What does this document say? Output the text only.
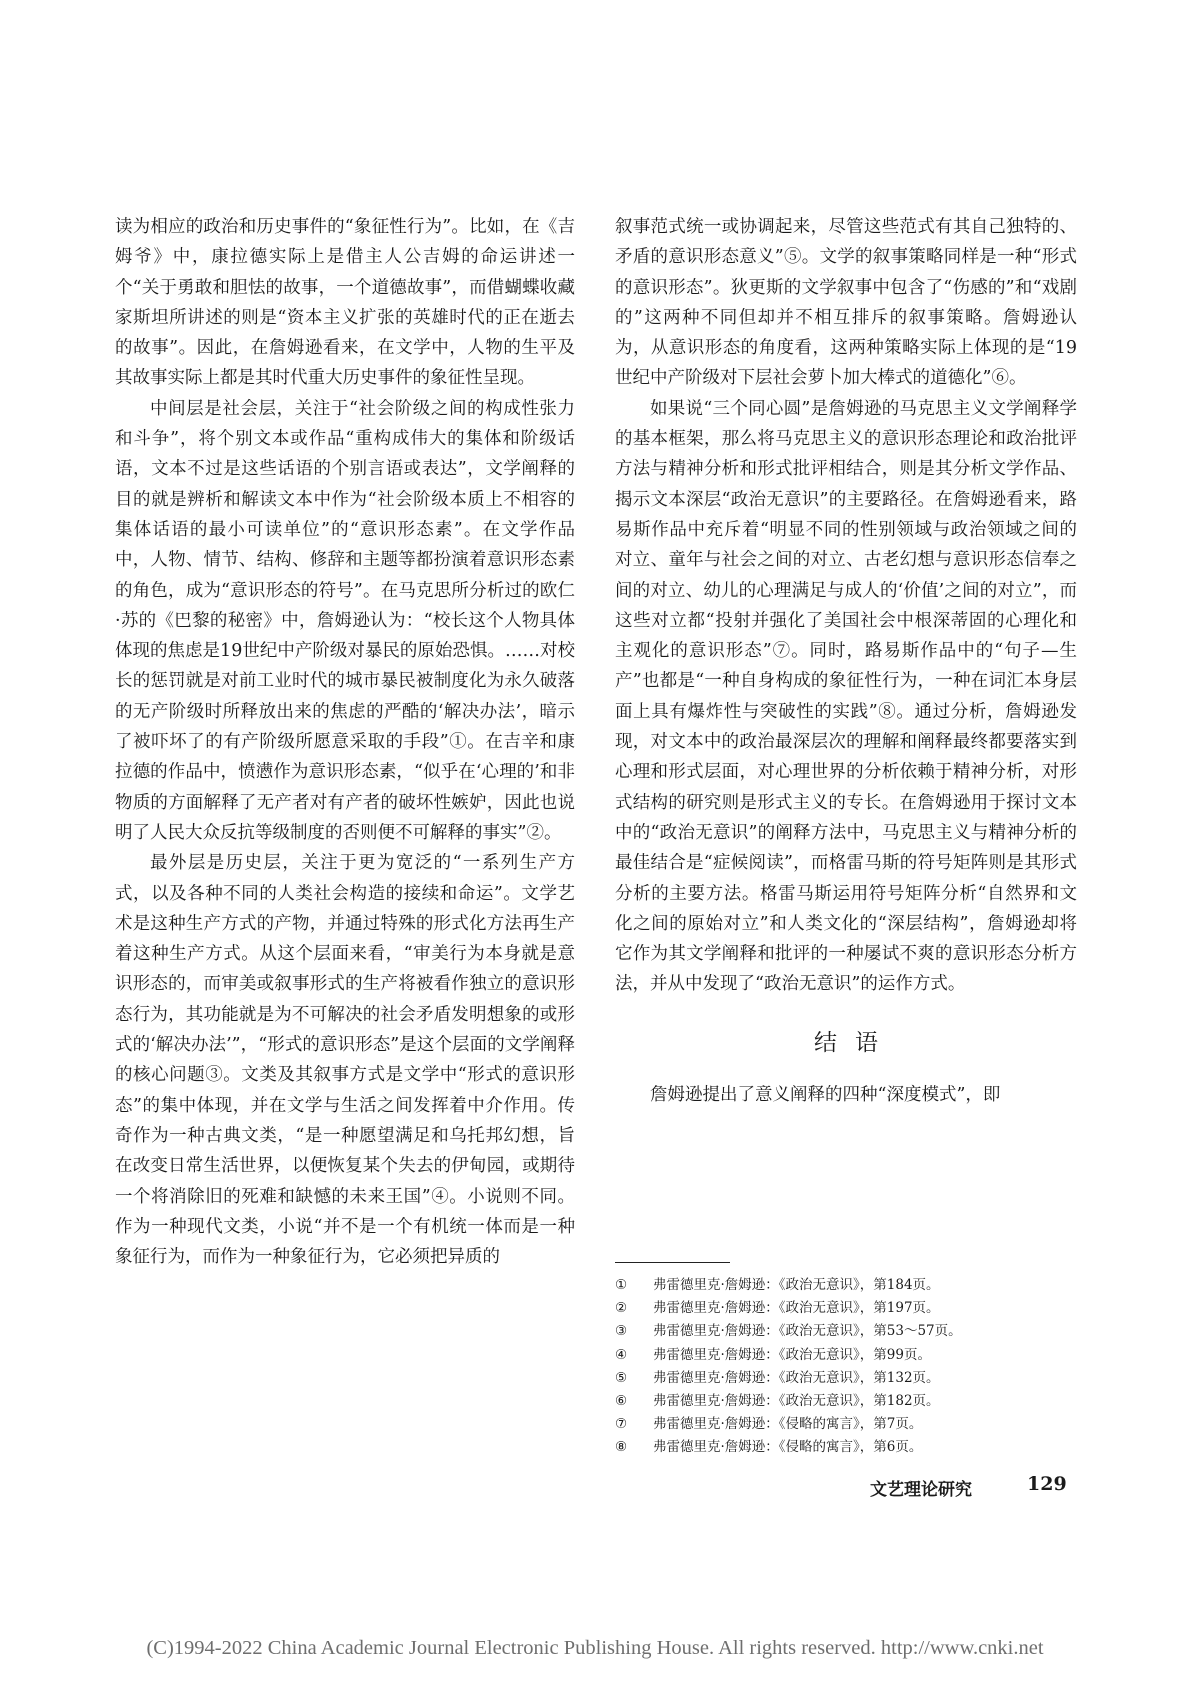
读为相应的政治和历史事件的“象征性行为”。比如，在《吉姆爷》中，康拉德实际上是借主人公吉姆的命运讲述一个“关于勇敢和胆怯的故事，一个道德故事”，而借蝴蝶收藏家斯坦所讲述的则是“资本主义扩张的英雄时代的正在逝去的故事”。因此，在詹姆逊看来，在文学中，人物的生平及其故事实际上都是其时代重大历史事件的象征性呈现。

中间层是社会层，关注于“社会阶级之间的构成性张力和斗争”，将个别文本或作品“重构成伟大的集体和阶级话语，文本不过是这些话语的个别言语或表达”，文学阐释的目的就是辨析和解读文本中作为“社会阶级本质上不相容的集体话语的最小可读单位”的“意识形态素”。在文学作品中，人物、情节、结构、修辞和主题等都扮演着意识形态素的角色，成为“意识形态的符号”。在马克思所分析过的欧仁·苏的《巴黎的秘密》中，詹姆逊认为：“校长这个人物具体体现的焦虑是19世纪中产阶级对暴民的原始恐惧。……对校长的惩罚就是对前工业时代的城市暴民被制度化为永久破落的无产阶级时所释放出来的焦虑的严酷的‘解决办法’，暗示了被吓坏了的有产阶级所愿意采取的手段”①。在吉辛和康拉德的作品中，愤懑作为意识形态素，“似乎在‘心理的’和非物质的方面解释了无产者对有产者的破坏性嫉妒，因此也说明了人民大众反抗等级制度的否则便不可解释的事实”②。

最外层是历史层，关注于更为宽泛的“一系列生产方式，以及各种不同的人类社会构造的接续和命运”。文学艺术是这种生产方式的产物，并通过特殊的形式化方法再生产着这种生产方式。从这个层面来看，“审美行为本身就是意识形态的，而审美或叙事形式的生产将被看作独立的意识形态行为，其功能就是为不可解决的社会矛盾发明想象的或形式的‘解决办法’”，“形式的意识形态”是这个层面的文学阐释的核心问题③。文类及其叙事方式是文学中“形式的意识形态”的集中体现，并在文学与生活之间发挥着中介作用。传奇作为一种古典文类，“是一种愿望满足和乌托邦幻想，旨在改变日常生活世界，以便恢复某个失去的伊甸园，或期待一个将消除旧的死难和缺憾的未来王国”④。小说则不同。作为一种现代文类，小说“并不是一个有机统一体而是一种象征行为，而作为一种象征行为，它必须把异质的

叙事范式统一或协调起来，尽管这些范式有其自己独特的、矛盾的意识形态意义”⑤。文学的叙事策略同样是一种“形式的意识形态”。狄更斯的文学叙事中包含了“伤感的”和“戏剧的”这两种不同但却并不相互排斥的叙事策略。詹姆逊认为，从意识形态的角度看，这两种策略实际上体现的是“19世纪中产阶级对下层社会萝卜加大棒式的道德化”⑥。

如果说“三个同心圆”是詹姆逊的马克思主义文学阐释学的基本框架，那么将马克思主义的意识形态理论和政治批评方法与精神分析和形式批评相结合，则是其分析文学作品、揭示文本深层“政治无意识”的主要路径。在詹姆逊看来，路易斯作品中充斥着“明显不同的性别领域与政治领域之间的对立、童年与社会之间的对立、古老幻想与意识形态信奉之间的对立、幼儿的心理满足与成人的‘价值’之间的对立”，而这些对立都“投射并强化了美国社会中根深蒂固的心理化和主观化的意识形态”⑦。同时，路易斯作品中的“句子—生产”也都是“一种自身构成的象征性行为，一种在词汇本身层面上具有爆炸性与突破性的实践”⑧。通过分析，詹姆逊发现，对文本中的政治最深层次的理解和阐释最终都要落实到心理和形式层面，对心理世界的分析依赖于精神分析，对形式结构的研究则是形式主义的专长。在詹姆逊用于探讨文本中的“政治无意识”的阐释方法中，马克思主义与精神分析的最佳结合是“症候阅读”，而格雷马斯的符号矩阵则是其形式分析的主要方法。格雷马斯运用符号矩阵分析“自然界和文化之间的原始对立”和人类文化的“深层结构”，詹姆逊却将它作为其文学阐释和批评的一种屡试不爽的意识形态分析方法，并从中发现了“政治无意识”的运作方式。

结语

詹姆逊提出了意义阐释的四种“深度模式”，即

① 弗雷德里克·詹姆逊：《政治无意识》，第184页。
② 弗雷德里克·詹姆逊：《政治无意识》，第197页。
③ 弗雷德里克·詹姆逊：《政治无意识》，第53～57页。
④ 弗雷德里克·詹姆逊：《政治无意识》，第99页。
⑤ 弗雷德里克·詹姆逊：《政治无意识》，第132页。
⑥ 弗雷德里克·詹姆逊：《政治无意识》，第182页。
⑦ 弗雷德里克·詹姆逊：《侵略的寓言》，第7页。
⑧ 弗雷德里克·詹姆逊：《侵略的寓言》，第6页。
文艺理论研究	129
(C)1994-2022 China Academic Journal Electronic Publishing House. All rights reserved. http://www.cnki.net
